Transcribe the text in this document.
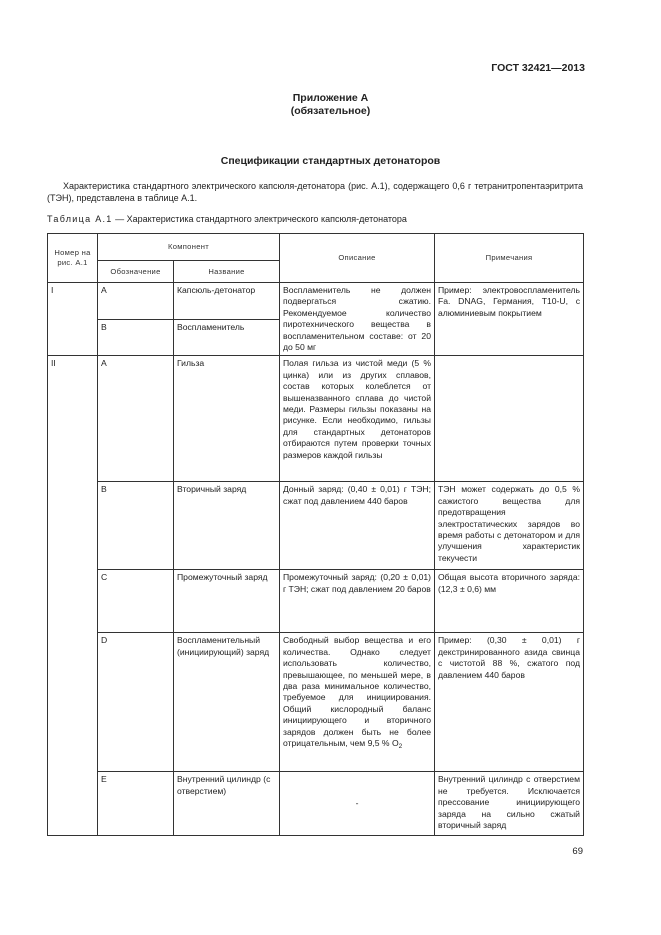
ГОСТ 32421—2013
Приложение А
(обязательное)
Спецификации стандартных детонаторов
Характеристика стандартного электрического капсюля-детонатора (рис. А.1), содержащего 0,6 г тетранитропентаэритрита (ТЭН), представлена в таблице А.1.
Таблица А.1 — Характеристика стандартного электрического капсюля-детонатора
Номер на рис. А.1	Компонент		Описание	Примечания
	Обозначение	Название		
I	A	Капсюль-детонатор	Воспламенитель не должен подвергаться сжатию. Рекомендуемое количество пиротехнического вещества в воспламенительном составе: от 20 до 50 мг	Пример: электровоспламенитель Fa. DNAG, Германия, T10-U, с алюминиевым покрытием
	B	Воспламенитель		
II	A	Гильза	Полая гильза из чистой меди (5 % цинка) или из других сплавов, состав которых колеблется от вышеназванного сплава до чистой меди. Размеры гильзы показаны на рисунке. Если необходимо, гильзы для стандартных детонаторов отбираются путем проверки точных размеров каждой гильзы	
	B	Вторичный заряд	Донный заряд: (0,40 ± 0,01) г ТЭН; сжат под давлением 440 баров	ТЭН может содержать до 0,5 % сажистого вещества для предотвращения электростатических зарядов во время работы с детонатором и для улучшения характеристик текучести
	C	Промежуточный заряд	Промежуточный заряд: (0,20 ± 0,01) г ТЭН; сжат под давлением 20 баров	Общая высота вторичного заряда: (12,3 ± 0,6) мм
	D	Воспламенительный (инициирующий) заряд	Свободный выбор вещества и его количества. Однако следует использовать количество, превышающее, по меньшей мере, в два раза минимальное количество, требуемое для инициирования. Общий кислородный баланс инициирующего и вторичного зарядов должен быть не более отрицательным, чем 9,5 % $O_2$	Пример: (0,30 ± 0,01) г декстринированного азида свинца с чистотой 88 %, сжатого под давлением 440 баров
	E	Внутренний цилиндр (с отверстием)	-	Внутренний цилиндр с отверстием не требуется. Исключается прессование инициирующего заряда на сильно сжатый вторичный заряд
69
